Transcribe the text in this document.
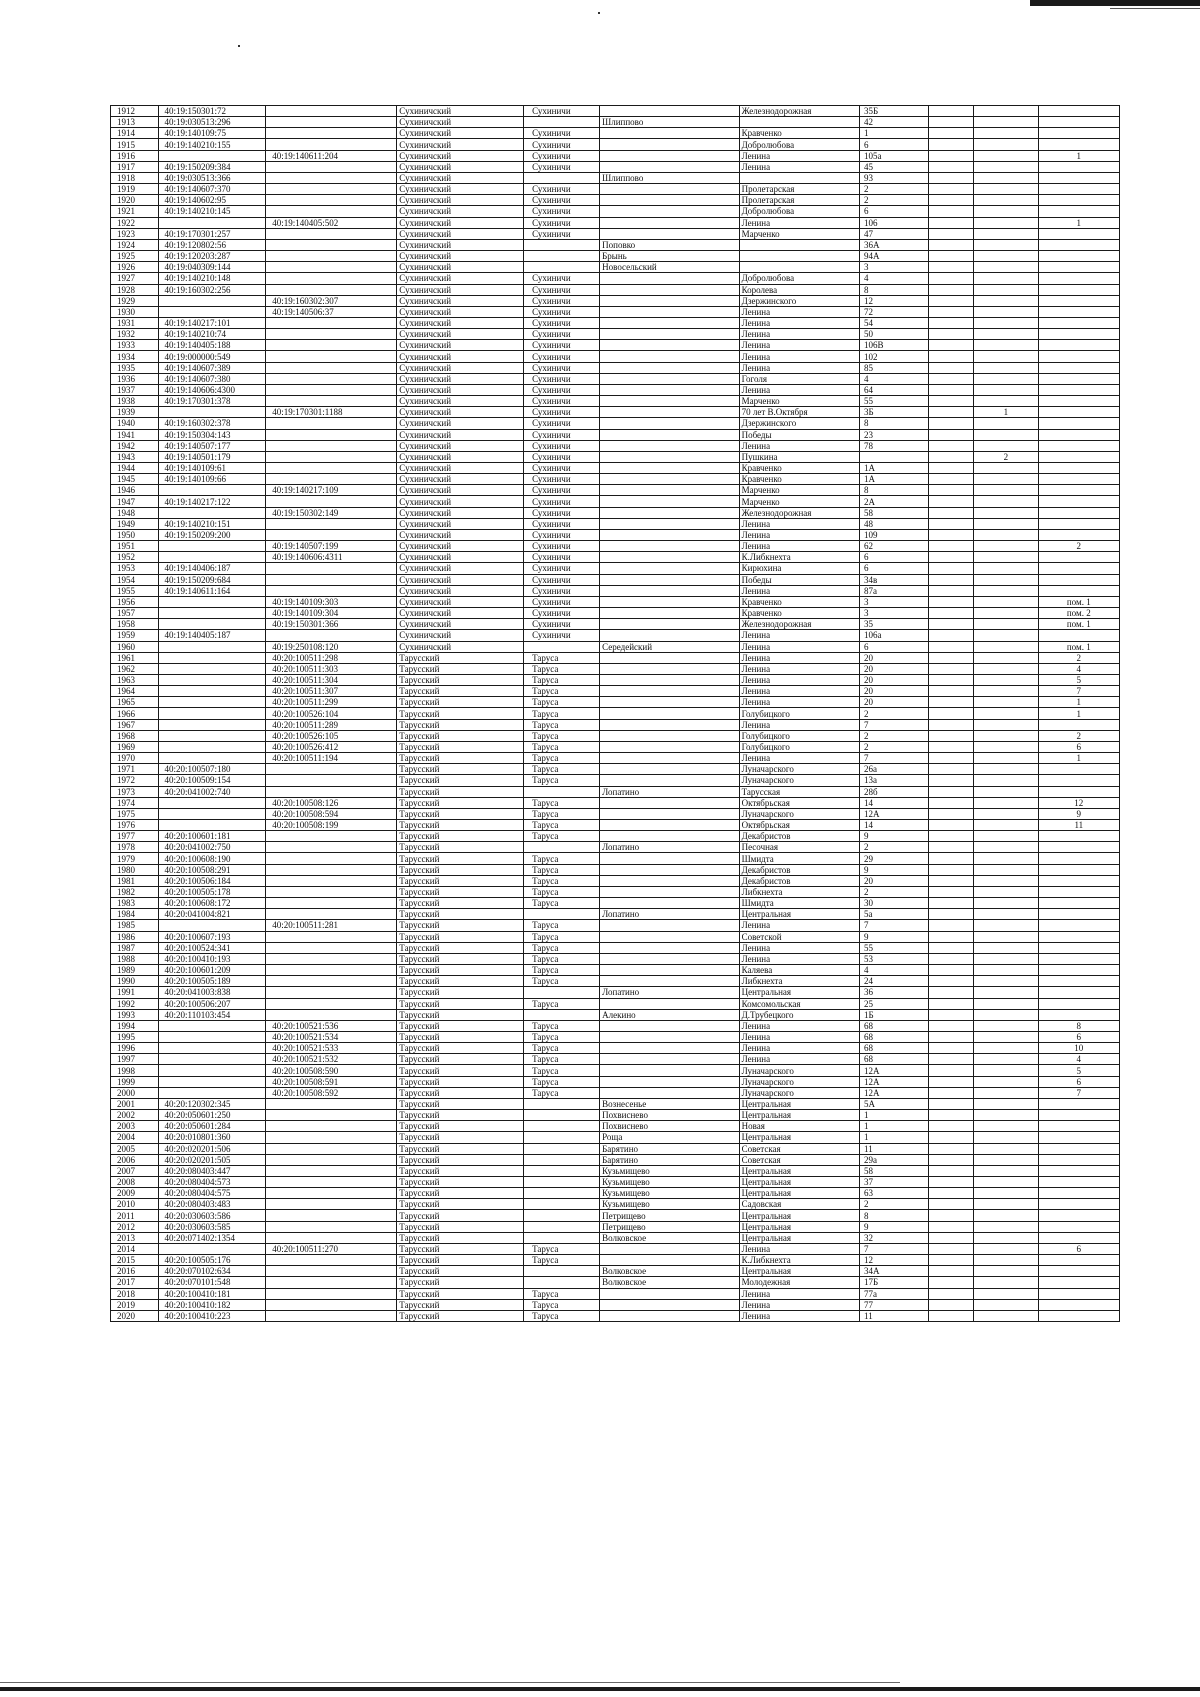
1912	40:19:150301:72		Сухиничский	Сухиничи		Железнодорожная	35Б			
1913	40:19:030513:296		Сухиничский		Шлиппово		42			
1914	40:19:140109:75		Сухиничский	Сухиничи		Кравченко	1			
1915	40:19:140210:155		Сухиничский	Сухиничи		Добролюбова	6			
1916		40:19:140611:204	Сухиничский	Сухиничи		Ленина	105а			1
1917	40:19:150209:384		Сухиничский	Сухиничи		Ленина	45			
1918	40:19:030513:366		Сухиничский		Шлиппово		93			
1919	40:19:140607:370		Сухиничский	Сухиничи		Пролетарская	2			
1920	40:19:140602:95		Сухиничский	Сухиничи		Пролетарская	2			
1921	40:19:140210:145		Сухиничский	Сухиничи		Добролюбова	6			
1922		40:19:140405:502	Сухиничский	Сухиничи		Ленина	106			1
1923	40:19:170301:257		Сухиничский	Сухиничи		Марченко	47			
1924	40:19:120802:56		Сухиничский		Поповко		36А			
1925	40:19:120203:287		Сухиничский		Брынь		94А			
1926	40:19:040309:144		Сухиничский		Новосельский		3			
1927	40:19:140210:148		Сухиничский	Сухиничи		Добролюбова	4			
1928	40:19:160302:256		Сухиничский	Сухиничи		Королева	8			
1929		40:19:160302:307	Сухиничский	Сухиничи		Дзержинского	12			
1930		40:19:140506:37	Сухиничский	Сухиничи		Ленина	72			
1931	40:19:140217:101		Сухиничский	Сухиничи		Ленина	54			
1932	40:19:140210:74		Сухиничский	Сухиничи		Ленина	50			
1933	40:19:140405:188		Сухиничский	Сухиничи		Ленина	106В			
1934	40:19:000000:549		Сухиничский	Сухиничи		Ленина	102			
1935	40:19:140607:389		Сухиничский	Сухиничи		Ленина	85			
1936	40:19:140607:380		Сухиничский	Сухиничи		Гоголя	4			
1937	40:19:140606:4300		Сухиничский	Сухиничи		Ленина	64			
1938	40:19:170301:378		Сухиничский	Сухиничи		Марченко	55			
1939		40:19:170301:1188	Сухиничский	Сухиничи		70 лет В.Октября	3Б		1	
1940	40:19:160302:378		Сухиничский	Сухиничи		Дзержинского	8			
1941	40:19:150304:143		Сухиничский	Сухиничи		Победы	23			
1942	40:19:140507:177		Сухиничский	Сухиничи		Ленина	78			
1943	40:19:140501:179		Сухиничский	Сухиничи		Пушкина			2	
1944	40:19:140109:61		Сухиничский	Сухиничи		Кравченко	1А			
1945	40:19:140109:66		Сухиничский	Сухиничи		Кравченко	1А			
1946		40:19:140217:109	Сухиничский	Сухиничи		Марченко	8			
1947	40:19:140217:122		Сухиничский	Сухиничи		Марченко	2А			
1948		40:19:150302:149	Сухиничский	Сухиничи		Железнодорожная	58			
1949	40:19:140210:151		Сухиничский	Сухиничи		Ленина	48			
1950	40:19:150209:200		Сухиничский	Сухиничи		Ленина	109			
1951		40:19:140507:199	Сухиничский	Сухиничи		Ленина	62			2
1952		40:19:140606:4311	Сухиничский	Сухиничи		К.Либкнехта	6			
1953	40:19:140406:187		Сухиничский	Сухиничи		Кирюхина	6			
1954	40:19:150209:684		Сухиничский	Сухиничи		Победы	34в			
1955	40:19:140611:164		Сухиничский	Сухиничи		Ленина	87а			
1956		40:19:140109:303	Сухиничский	Сухиничи		Кравченко	3			пом. 1
1957		40:19:140109:304	Сухиничский	Сухиничи		Кравченко	3			пом. 2
1958		40:19:150301:366	Сухиничский	Сухиничи		Железнодорожная	35			пом. 1
1959	40:19:140405:187		Сухиничский	Сухиничи		Ленина	106а			
1960		40:19:250108:120	Сухиничский		Середейский	Ленина	6			пом. 1
1961		40:20:100511:298	Тарусский	Таруса		Ленина	20			2
1962		40:20:100511:303	Тарусский	Таруса		Ленина	20			4
1963		40:20:100511:304	Тарусский	Таруса		Ленина	20			5
1964		40:20:100511:307	Тарусский	Таруса		Ленина	20			7
1965		40:20:100511:299	Тарусский	Таруса		Ленина	20			1
1966		40:20:100526:104	Тарусский	Таруса		Голубицкого	2			1
1967		40:20:100511:289	Тарусский	Таруса		Ленина	7			
1968		40:20:100526:105	Тарусский	Таруса		Голубицкого	2			2
1969		40:20:100526:412	Тарусский	Таруса		Голубицкого	2			6
1970		40:20:100511:194	Тарусский	Таруса		Ленина	7			1
1971	40:20:100507:180		Тарусский	Таруса		Луначарского	26а			
1972	40:20:100509:154		Тарусский	Таруса		Луначарского	13а			
1973	40:20:041002:740		Тарусский		Лопатино	Тарусская	28б			
1974		40:20:100508:126	Тарусский	Таруса		Октябрьская	14			12
1975		40:20:100508:594	Тарусский	Таруса		Луначарского	12А			9
1976		40:20:100508:199	Тарусский	Таруса		Октябрьская	14			11
1977	40:20:100601:181		Тарусский	Таруса		Декабристов	9			
1978	40:20:041002:750		Тарусский		Лопатино	Песочная	2			
1979	40:20:100608:190		Тарусский	Таруса		Шмидта	29			
1980	40:20:100508:291		Тарусский	Таруса		Декабристов	9			
1981	40:20:100506:184		Тарусский	Таруса		Декабристов	20			
1982	40:20:100505:178		Тарусский	Таруса		Либкнехта	2			
1983	40:20:100608:172		Тарусский	Таруса		Шмидта	30			
1984	40:20:041004:821		Тарусский		Лопатино	Центральная	5а			
1985		40:20:100511:281	Тарусский	Таруса		Ленина	7			
1986	40:20:100607:193		Тарусский	Таруса		Советской	9			
1987	40:20:100524:341		Тарусский	Таруса		Ленина	55			
1988	40:20:100410:193		Тарусский	Таруса		Ленина	53			
1989	40:20:100601:209		Тарусский	Таруса		Каляева	4			
1990	40:20:100505:189		Тарусский	Таруса		Либкнехта	24			
1991	40:20:041003:838		Тарусский		Лопатино	Центральная	36			
1992	40:20:100506:207		Тарусский	Таруса		Комсомольская	25			
1993	40:20:110103:454		Тарусский		Алекино	Д.Трубецкого	1Б			
1994		40:20:100521:536	Тарусский	Таруса		Ленина	68			8
1995		40:20:100521:534	Тарусский	Таруса		Ленина	68			6
1996		40:20:100521:533	Тарусский	Таруса		Ленина	68			10
1997		40:20:100521:532	Тарусский	Таруса		Ленина	68			4
1998		40:20:100508:590	Тарусский	Таруса		Луначарского	12А			5
1999		40:20:100508:591	Тарусский	Таруса		Луначарского	12А			6
2000		40:20:100508:592	Тарусский	Таруса		Луначарского	12А			7
2001	40:20:120302:345		Тарусский		Вознесенье	Центральная	5А			
2002	40:20:050601:250		Тарусский		Похвиснево	Центральная	1			
2003	40:20:050601:284		Тарусский		Похвиснево	Новая	1			
2004	40:20:010801:360		Тарусский		Роща	Центральная	1			
2005	40:20:020201:506		Тарусский		Барятино	Советская	11			
2006	40:20:020201:505		Тарусский		Барятино	Советская	29а			
2007	40:20:080403:447		Тарусский		Кузьмищево	Центральная	58			
2008	40:20:080404:573		Тарусский		Кузьмищево	Центральная	37			
2009	40:20:080404:575		Тарусский		Кузьмищево	Центральная	63			
2010	40:20:080403:483		Тарусский		Кузьмищево	Садовская	2			
2011	40:20:030603:586		Тарусский		Петрищево	Центральная	8			
2012	40:20:030603:585		Тарусский		Петрищево	Центральная	9			
2013	40:20:071402:1354		Тарусский		Волковское	Центральная	32			
2014		40:20:100511:270	Тарусский	Таруса		Ленина	7			6
2015	40:20:100505:176		Тарусский	Таруса		К.Либкнехта	12			
2016	40:20:070102:634		Тарусский		Волковское	Центральная	34А			
2017	40:20:070101:548		Тарусский		Волковское	Молодежная	17Б			
2018	40:20:100410:181		Тарусский	Таруса		Ленина	77а			
2019	40:20:100410:182		Тарусский	Таруса		Ленина	77			
2020	40:20:100410:223		Тарусский	Таруса		Ленина	11			
